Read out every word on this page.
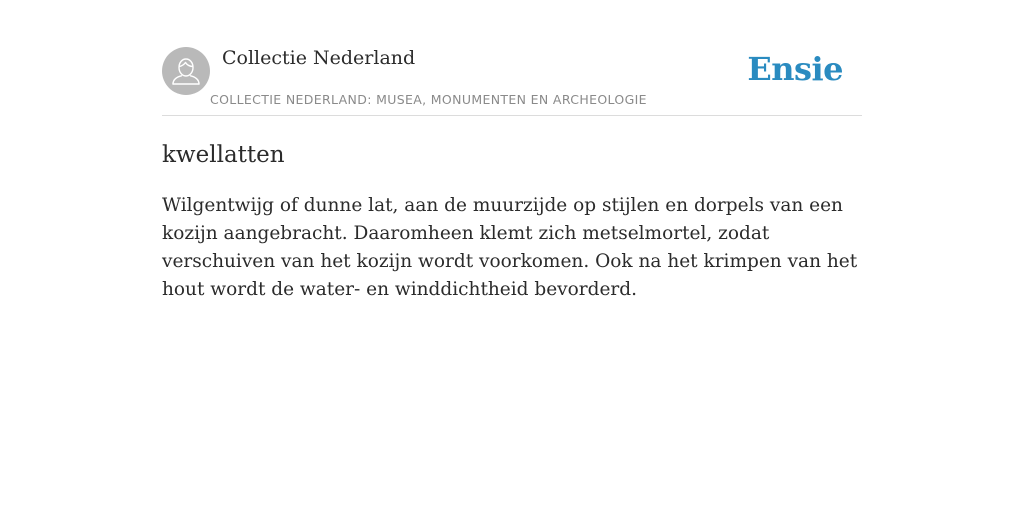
Collectie Nederland
COLLECTIE NEDERLAND: MUSEA, MONUMENTEN EN ARCHEOLOGIE
Ensie
kwellatten

Wilgentwijg of dunne lat, aan de muurzijde op stijlen en dorpels van een kozijn aangebracht. Daaromheen klemt zich metselmortel, zodat verschuiven van het kozijn wordt voorkomen. Ook na het krimpen van het hout wordt de water- en winddichtheid bevorderd.
